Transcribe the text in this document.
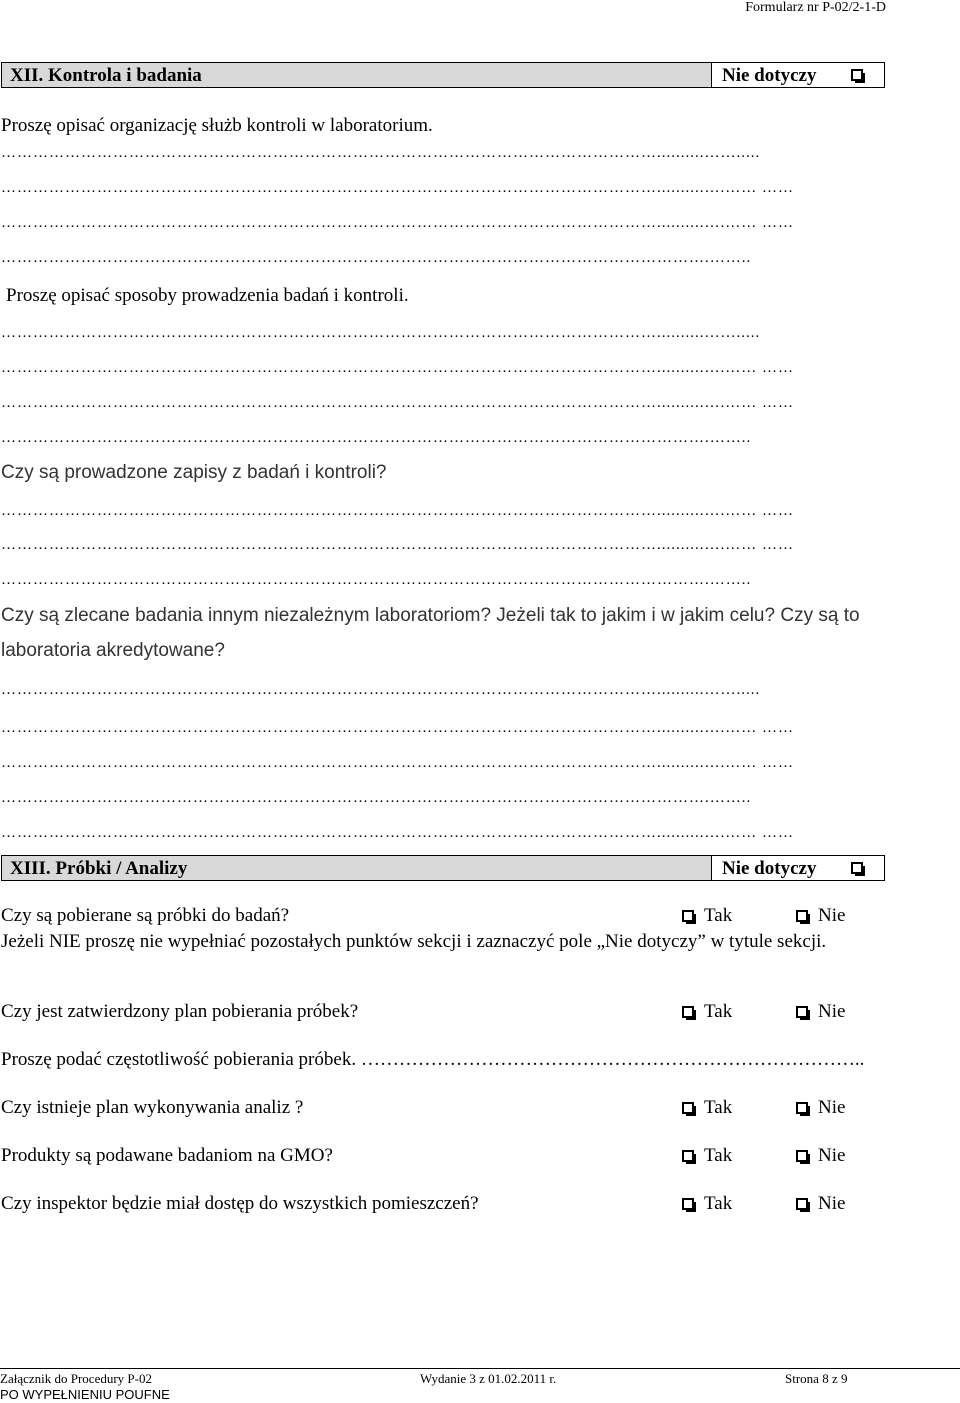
Formularz nr P-02/2-1-D
XII. Kontrola i badania	Nie dotyczy
Proszę opisać organizację służb kontroli w laboratorium.
……………………………………………………………………………………………………………..........…….....
……………………………………………………………………………………………………………..........….…… ……
……………………………………………………………………………………………………………..........….…… ……
…………………………………………………………………………………………………………………….……..
Proszę opisać sposoby prowadzenia badań i kontroli.
……………………………………………………………………………………………………………..........…….....
……………………………………………………………………………………………………………..........….…… ……
……………………………………………………………………………………………………………..........….…… ……
…………………………………………………………………………………………………………………….……..
Czy są prowadzone zapisy z badań i kontroli?
……………………………………………………………………………………………………………..........….…… ……
……………………………………………………………………………………………………………..........….…… ……
…………………………………………………………………………………………………………………….……..
Czy są zlecane badania innym niezależnym laboratoriom? Jeżeli tak to jakim i w jakim celu? Czy są to
laboratoria akredytowane?
……………………………………………………………………………………………………………..........…….....
……………………………………………………………………………………………………………..........….…… ……
……………………………………………………………………………………………………………..........….…… ……
…………………………………………………………………………………………………………………….……..
……………………………………………………………………………………………………………..........….…… ……
XIII. Próbki / Analizy	Nie dotyczy
Czy są pobierane są próbki do badań?	Tak	Nie
Jeżeli NIE proszę nie wypełniać pozostałych punktów sekcji i zaznaczyć pole „Nie dotyczy” w tytule sekcji.
Czy jest zatwierdzony plan pobierania próbek?	Tak	Nie
Proszę podać częstotliwość pobierania próbek. ……………………………………………………………………..
Czy istnieje plan wykonywania analiz ?	Tak	Nie
Produkty są podawane badaniom na GMO?	Tak	Nie
Czy inspektor będzie miał dostęp do wszystkich pomieszczeń?	Tak	Nie
Załącznik do Procedury P-02
PO WYPEŁNIENIU POUFNE
Wydanie 3 z 01.02.2011 r.	Strona 8 z 9
